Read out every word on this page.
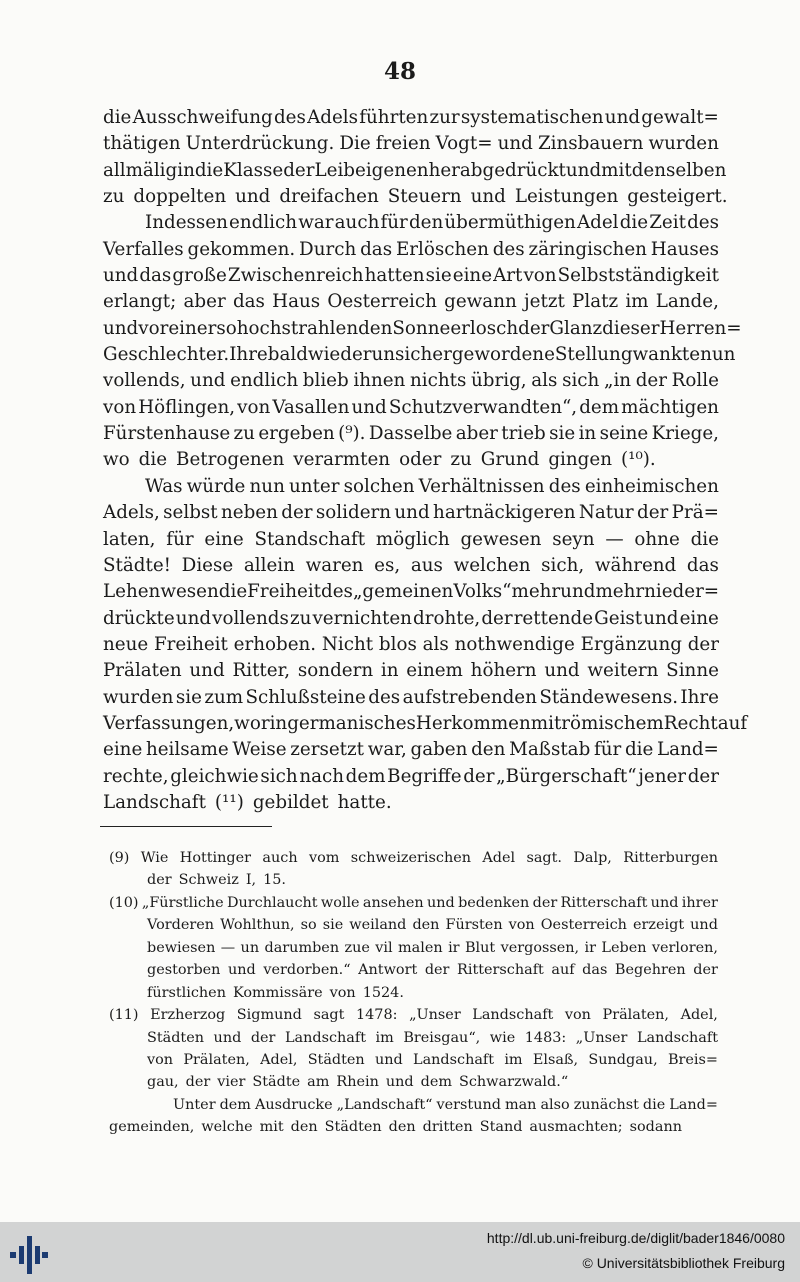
48
die Ausschweifung des Adels führten zur systematischen und gewalt=
thätigen Unterdrückung. Die freien Vogt= und Zinsbauern wurden
allmälig in die Klasse der Leibeigenen herabgedrückt und mit denselben
zu doppelten und dreifachen Steuern und Leistungen gesteigert.
Indessen endlich war auch für den übermüthigen Adel die Zeit des
Verfalles gekommen. Durch das Erlöschen des zäringischen Hauses
und das große Zwischenreich hatten sie eine Art von Selbstständigkeit
erlangt; aber das Haus Oesterreich gewann jetzt Platz im Lande,
und vor einer so hochstrahlenden Sonne erlosch der Glanz dieser Herren=
Geschlechter. Ihre bald wieder unsicher gewordene Stellung wankte nun
vollends, und endlich blieb ihnen nichts übrig, als sich „in der Rolle
von Höflingen, von Vasallen und Schutzverwandten“, dem mächtigen
Fürstenhause zu ergeben (⁹). Dasselbe aber trieb sie in seine Kriege,
wo die Betrogenen verarmten oder zu Grund gingen (¹⁰).
Was würde nun unter solchen Verhältnissen des einheimischen
Adels, selbst neben der solidern und hartnäckigeren Natur der Prä=
laten, für eine Standschaft möglich gewesen seyn — ohne die
Städte! Diese allein waren es, aus welchen sich, während das
Lehenwesen die Freiheit des „gemeinen Volks“ mehr und mehr nieder=
drückte und vollends zu vernichten drohte, der rettende Geist und eine
neue Freiheit erhoben. Nicht blos als nothwendige Ergänzung der
Prälaten und Ritter, sondern in einem höhern und weitern Sinne
wurden sie zum Schlußsteine des aufstrebenden Ständewesens. Ihre
Verfassungen, worin germanisches Herkommen mit römischem Recht auf
eine heilsame Weise zersetzt war, gaben den Maßstab für die Land=
rechte, gleichwie sich nach dem Begriffe der „Bürgerschaft“ jener der
Landschaft (¹¹) gebildet hatte.
(9) Wie Hottinger auch vom schweizerischen Adel sagt. Dalp, Ritterburgen
der Schweiz I, 15.
(10) „Fürstliche Durchlaucht wolle ansehen und bedenken der Ritterschaft und ihrer
Vorderen Wohlthun, so sie weiland den Fürsten von Oesterreich erzeigt und
bewiesen — un darumben zue vil malen ir Blut vergossen, ir Leben verloren,
gestorben und verdorben.“ Antwort der Ritterschaft auf das Begehren der
fürstlichen Kommissäre von 1524.
(11) Erzherzog Sigmund sagt 1478: „Unser Landschaft von Prälaten, Adel,
Städten und der Landschaft im Breisgau“, wie 1483: „Unser Landschaft
von Prälaten, Adel, Städten und Landschaft im Elsaß, Sundgau, Breis=
gau, der vier Städte am Rhein und dem Schwarzwald.“
Unter dem Ausdrucke „Landschaft“ verstund man also zunächst die Land=
gemeinden, welche mit den Städten den dritten Stand ausmachten; sodann
http://dl.ub.uni-freiburg.de/diglit/bader1846/0080
© Universitätsbibliothek Freiburg
